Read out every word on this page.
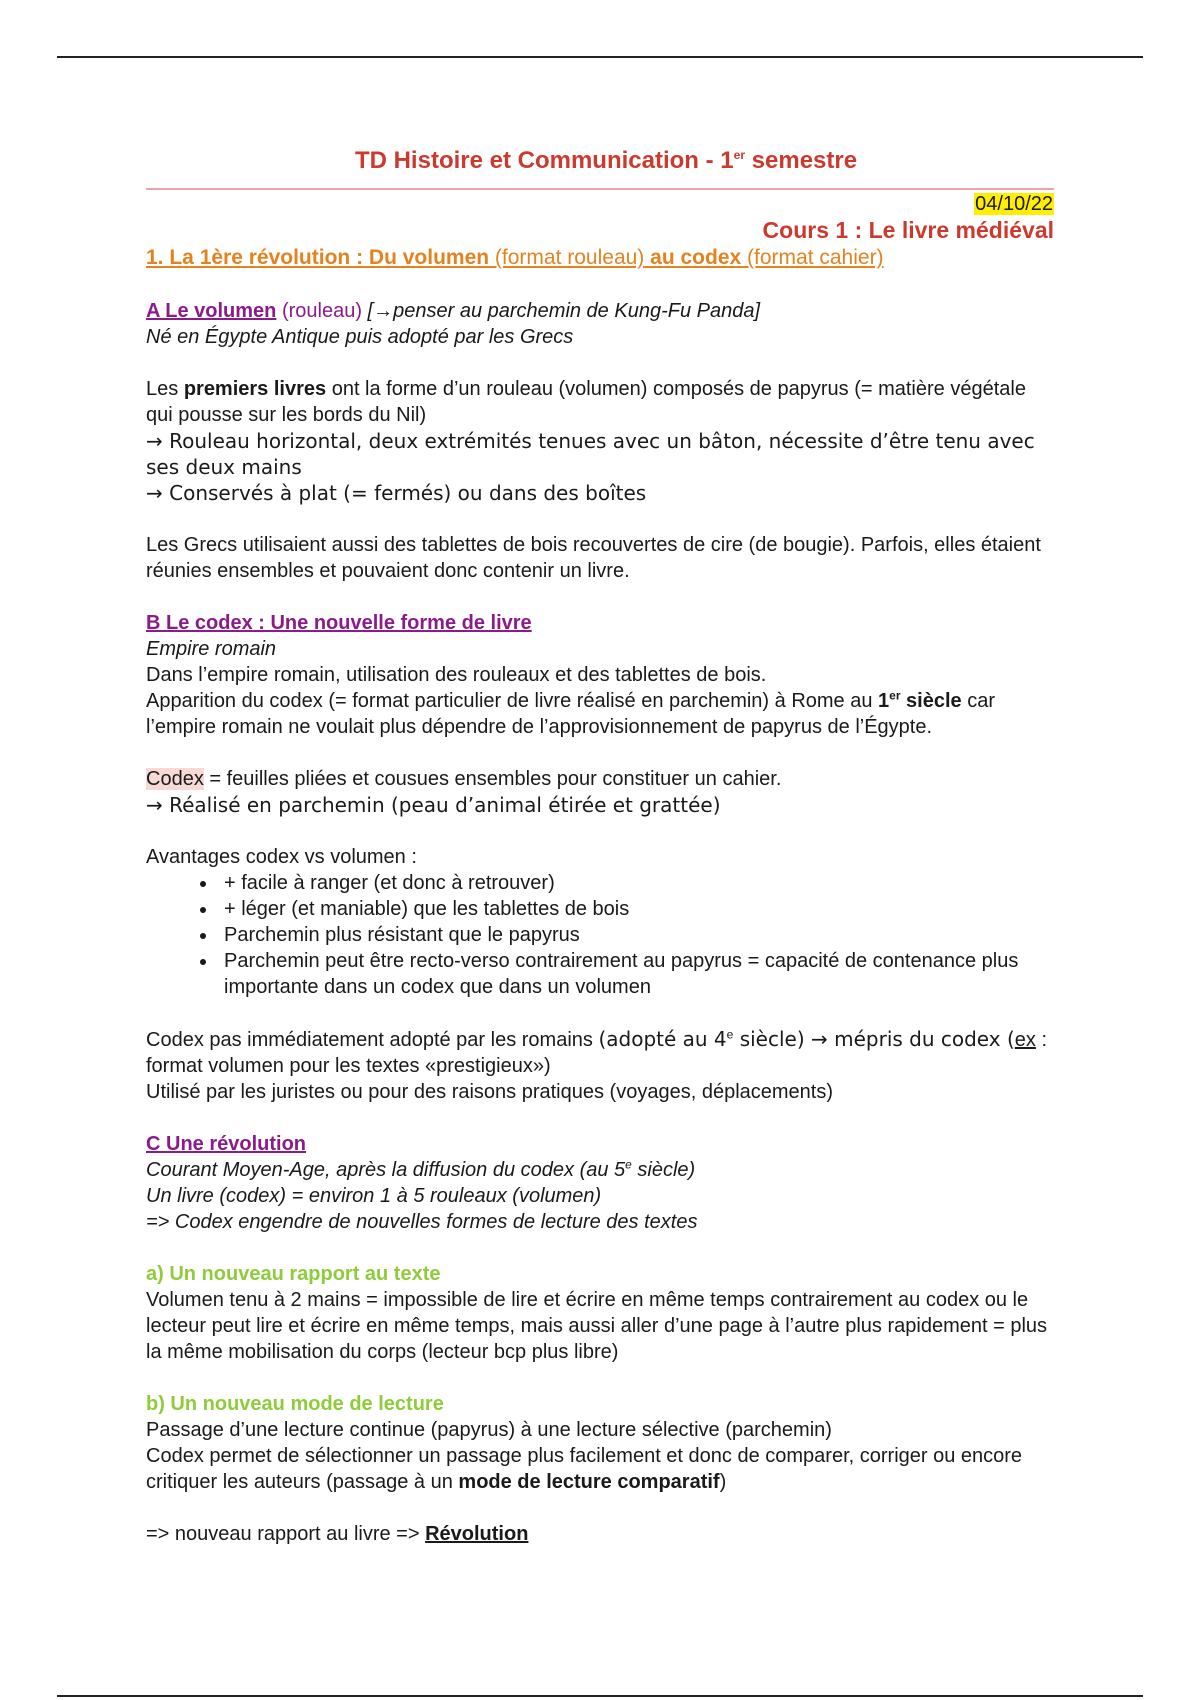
TD Histoire et Communication - 1er semestre
04/10/22
Cours 1 : Le livre médiéval
1. La 1ère révolution : Du volumen (format rouleau) au codex (format cahier)
A Le volumen (rouleau) [→penser au parchemin de Kung-Fu Panda]
Né en Égypte Antique puis adopté par les Grecs
Les premiers livres ont la forme d’un rouleau (volumen) composés de papyrus (= matière végétale qui pousse sur les bords du Nil)
→ Rouleau horizontal, deux extrémités tenues avec un bâton, nécessite d’être tenu avec ses deux mains
→ Conservés à plat (= fermés) ou dans des boîtes
Les Grecs utilisaient aussi des tablettes de bois recouvertes de cire (de bougie). Parfois, elles étaient réunies ensembles et pouvaient donc contenir un livre.
B Le codex : Une nouvelle forme de livre
Empire romain
Dans l’empire romain, utilisation des rouleaux et des tablettes de bois.
Apparition du codex (= format particulier de livre réalisé en parchemin) à Rome au 1er siècle car l’empire romain ne voulait plus dépendre de l’approvisionnement de papyrus de l’Égypte.
Codex = feuilles pliées et cousues ensembles pour constituer un cahier.
→ Réalisé en parchemin (peau d’animal étirée et grattée)
Avantages codex vs volumen :
• + facile à ranger (et donc à retrouver)
• + léger (et maniable) que les tablettes de bois
• Parchemin plus résistant que le papyrus
• Parchemin peut être recto-verso contrairement au papyrus = capacité de contenance plus importante dans un codex que dans un volumen
Codex pas immédiatement adopté par les romains (adopté au 4e siècle) → mépris du codex (ex : format volumen pour les textes «prestigieux»)
Utilisé par les juristes ou pour des raisons pratiques (voyages, déplacements)
C Une révolution
Courant Moyen-Age, après la diffusion du codex (au 5e siècle)
Un livre (codex) = environ 1 à 5 rouleaux (volumen)
=> Codex engendre de nouvelles formes de lecture des textes
a) Un nouveau rapport au texte
Volumen tenu à 2 mains = impossible de lire et écrire en même temps contrairement au codex ou le lecteur peut lire et écrire en même temps, mais aussi aller d’une page à l’autre plus rapidement = plus la même mobilisation du corps (lecteur bcp plus libre)
b) Un nouveau mode de lecture
Passage d’une lecture continue (papyrus) à une lecture sélective (parchemin)
Codex permet de sélectionner un passage plus facilement et donc de comparer, corriger ou encore critiquer les auteurs (passage à un mode de lecture comparatif)
=> nouveau rapport au livre => Révolution
